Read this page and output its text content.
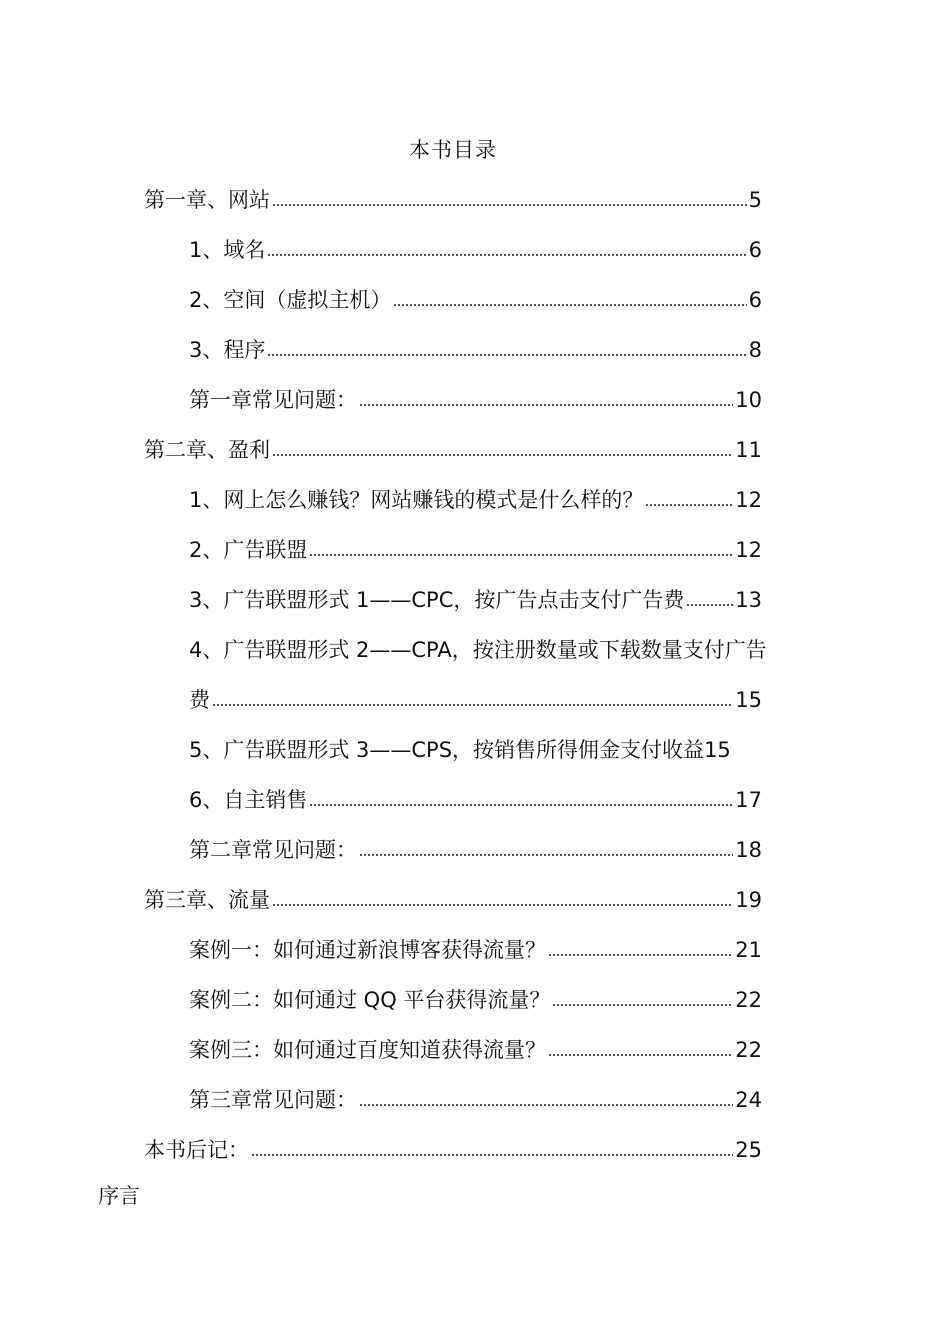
本书目录
第一章、网站	5
1、域名	6
2、空间（虚拟主机）	6
3、程序	8
第一章常见问题：	10
第二章、盈利	11
1、网上怎么赚钱？网站赚钱的模式是什么样的？	12
2、广告联盟	12
3、广告联盟形式 1——CPC，按广告点击支付广告费 13
4、广告联盟形式 2——CPA，按注册数量或下载数量支付广告
费	15
5、广告联盟形式 3——CPS，按销售所得佣金支付收益 15
6、自主销售	17
第二章常见问题：	18
第三章、流量	19
案例一：如何通过新浪博客获得流量？	21
案例二：如何通过 QQ 平台获得流量？	22
案例三：如何通过百度知道获得流量？	22
第三章常见问题：	24
本书后记：	25
序言
